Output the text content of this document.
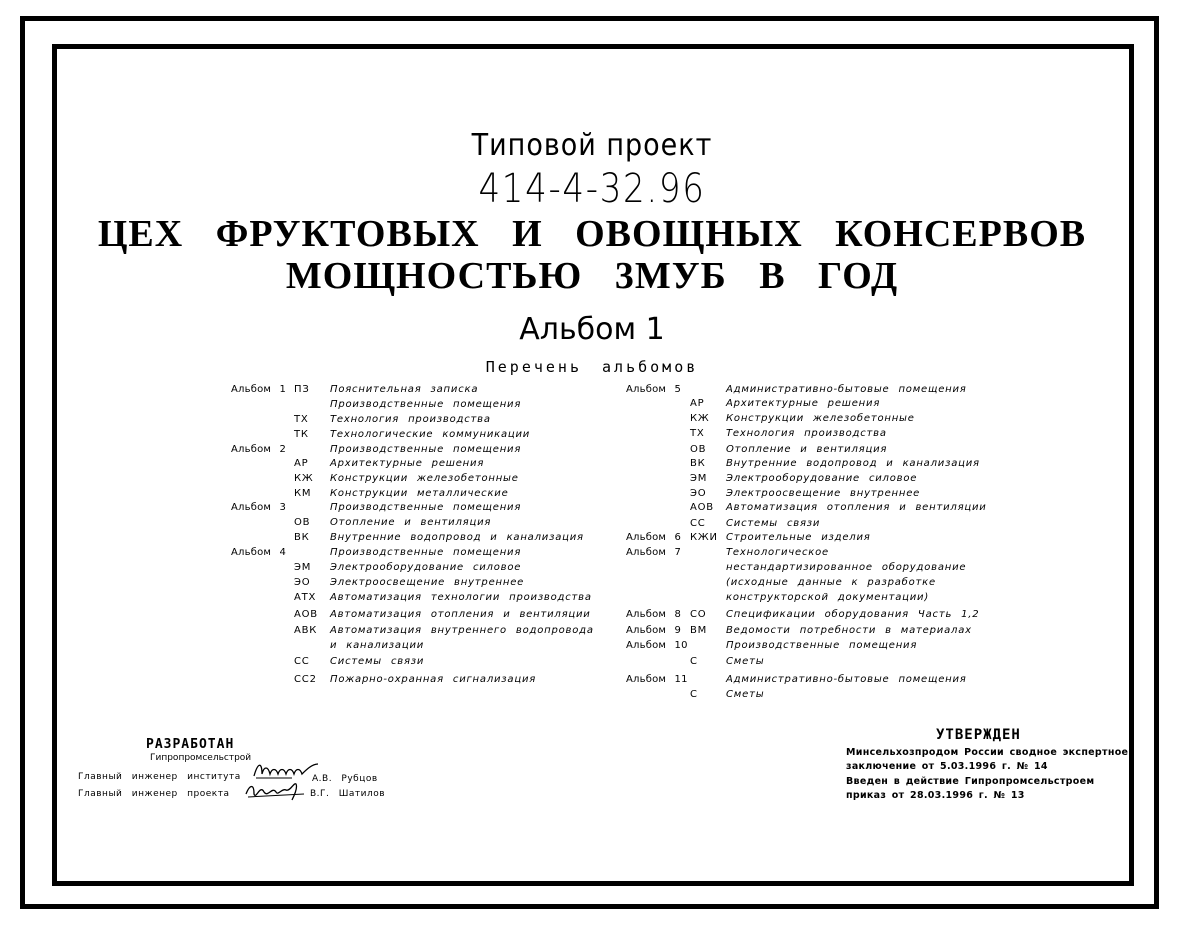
Типовой проект
414-4-32.96
ЦЕХ ФРУКТОВЫХ И ОВОЩНЫХ КОНСЕРВОВ
МОЩНОСТЬЮ 3МУБ В ГОД
Альбом 1
Перечень альбомов
Альбом 1 ПЗ Пояснительная записка
Производственные помещения
ТХ Технология производства
ТК Технологические коммуникации
Альбом 2	Производственные помещения
АР Архитектурные решения
КЖ Конструкции железобетонные
КМ Конструкции металлические
Альбом 3	Производственные помещения
ОВ Отопление и вентиляция
ВК Внутренние водопровод и канализация
Альбом 4	Производственные помещения
ЭМ Электрооборудование силовое
ЭО Электроосвещение внутреннее
АТХ Автоматизация технологии производства
АОВ Автоматизация отопления и вентиляции
АВК Автоматизация внутреннего водопровода
и канализации
СС Системы связи
СС2 Пожарно-охранная сигнализация
Альбом 5	Административно-бытовые помещения
АР Архитектурные решения
КЖ Конструкции железобетонные
ТХ Технология производства
ОВ Отопление и вентиляция
ВК Внутренние водопровод и канализация
ЭМ Электрооборудование силовое
ЭО Электроосвещение внутреннее
АОВ Автоматизация отопления и вентиляции
СС Системы связи
Альбом 6 КЖИ Строительные изделия
Альбом 7	Технологическое
нестандартизированное оборудование
(исходные данные к разработке
конструкторской документации)
Альбом 8 СО Спецификации оборудования Часть 1,2
Альбом 9 ВМ Ведомости потребности в материалах
Альбом 10	Производственные помещения
С	Сметы
Альбом 11	Административно-бытовые помещения
С	Сметы
РАЗРАБОТАН
Гипропромсельстрой
Главный инженер института	А.В. Рубцов
Главный инженер проекта	В.Г. Шатилов
УТВЕРЖДЕН
Минсельхозпродом России сводное экспертное
заключение от 5.03.1996 г. № 14
Введен в действие Гипропромсельстроем
приказ от 28.03.1996 г. № 13
